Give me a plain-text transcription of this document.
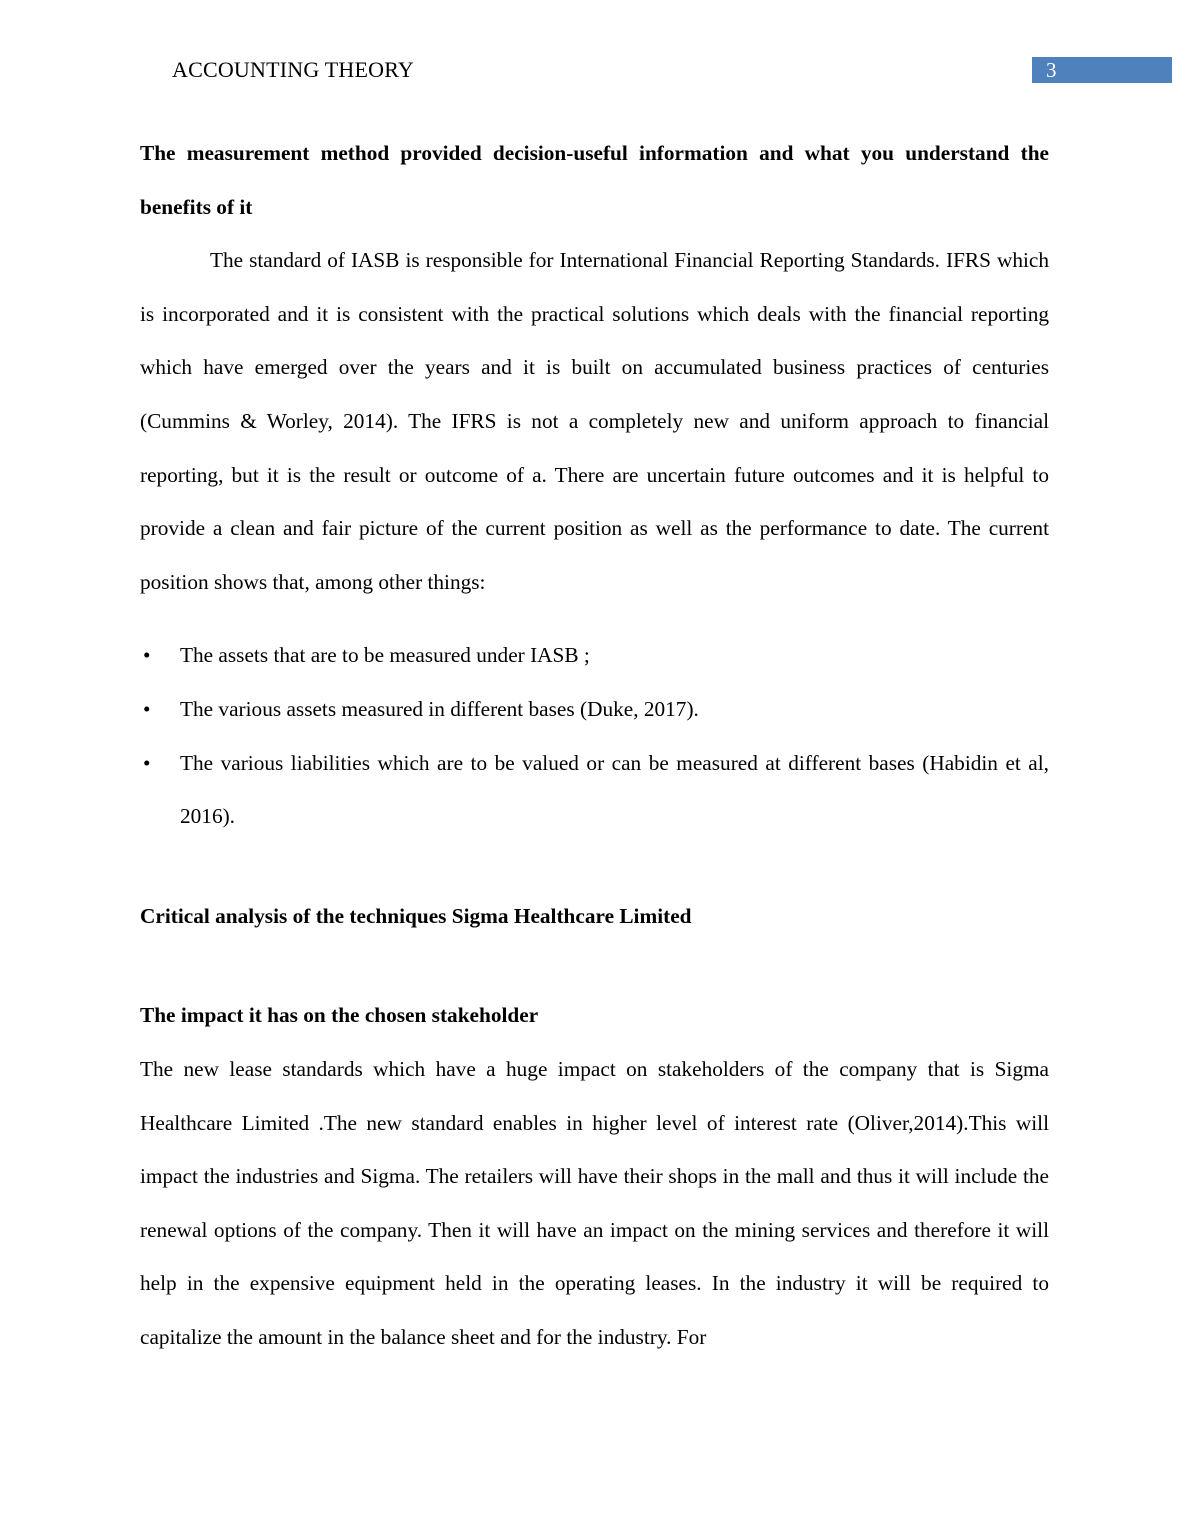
ACCOUNTING THEORY	3

The measurement method provided decision-useful information and what you understand the benefits of it

The standard of IASB is responsible for International Financial Reporting Standards. IFRS which is incorporated and it is consistent with the practical solutions which deals with the financial reporting which have emerged over the years and it is built on accumulated business practices of centuries (Cummins & Worley, 2014). The IFRS is not a completely new and uniform approach to financial reporting, but it is the result or outcome of a. There are uncertain future outcomes and it is helpful to provide a clean and fair picture of the current position as well as the performance to date. The current position shows that, among other things:

• The assets that are to be measured under IASB ;
• The various assets measured in different bases (Duke, 2017).
• The various liabilities which are to be valued or can be measured at different bases (Habidin et al, 2016).

Critical analysis of the techniques Sigma Healthcare Limited

The impact it has on the chosen stakeholder

The new lease standards which have a huge impact on stakeholders of the company that is Sigma Healthcare Limited .The new standard enables in higher level of interest rate (Oliver,2014).This will impact the industries and Sigma. The retailers will have their shops in the mall and thus it will include the renewal options of the company. Then it will have an impact on the mining services and therefore it will help in the expensive equipment held in the operating leases. In the industry it will be required to capitalize the amount in the balance sheet and for the industry. For
